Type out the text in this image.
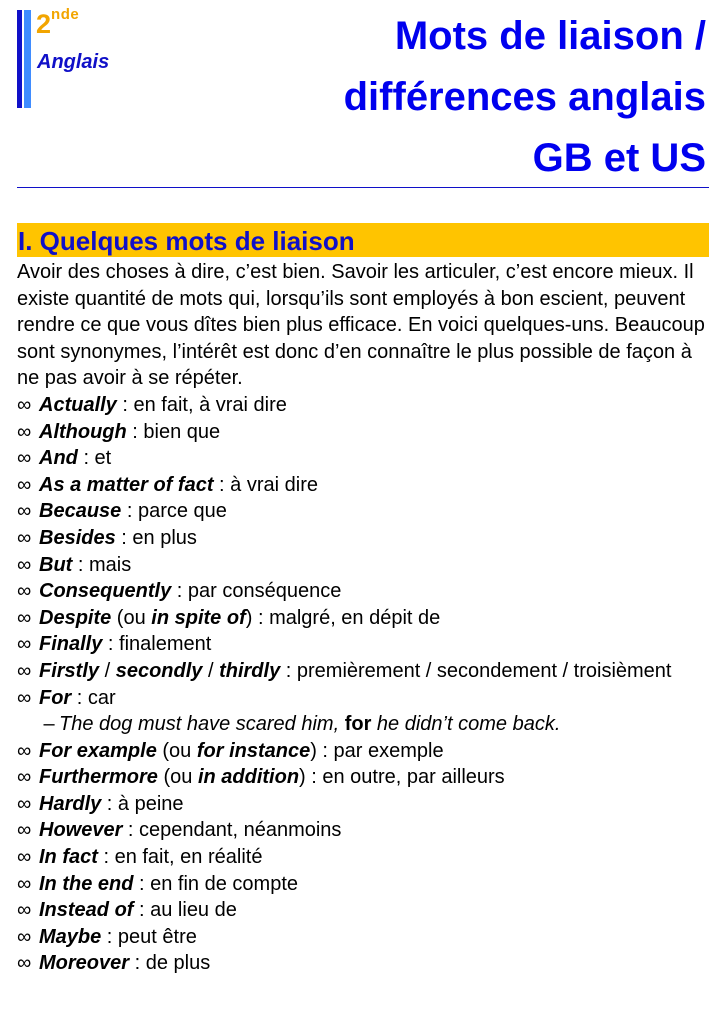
2nde
Anglais
Mots de liaison /
différences anglais
GB et US
I. Quelques mots de liaison

Avoir des choses à dire, c’est bien. Savoir les articuler, c’est encore mieux. Il existe quantité de mots qui, lorsqu’ils sont employés à bon escient, peuvent rendre ce que vous dîtes bien plus efficace. En voici quelques-uns. Beaucoup sont synonymes, l’intérêt est donc d’en connaître le plus possible de façon à ne pas avoir à se répéter.

∞ Actually : en fait, à vrai dire
∞ Although : bien que
∞ And : et
∞ As a matter of fact : à vrai dire
∞ Because : parce que
∞ Besides : en plus
∞ But : mais
∞ Consequently : par conséquence
∞ Despite (ou in spite of) : malgré, en dépit de
∞ Finally : finalement
∞ Firstly / secondly / thirdly : premièrement / secondement / troisièment
∞ For : car
– The dog must have scared him, for he didn’t come back.
∞ For example (ou for instance) : par exemple
∞ Furthermore (ou in addition) : en outre, par ailleurs
∞ Hardly : à peine
∞ However : cependant, néanmoins
∞ In fact : en fait, en réalité
∞ In the end : en fin de compte
∞ Instead of : au lieu de
∞ Maybe : peut être
∞ Moreover : de plus
